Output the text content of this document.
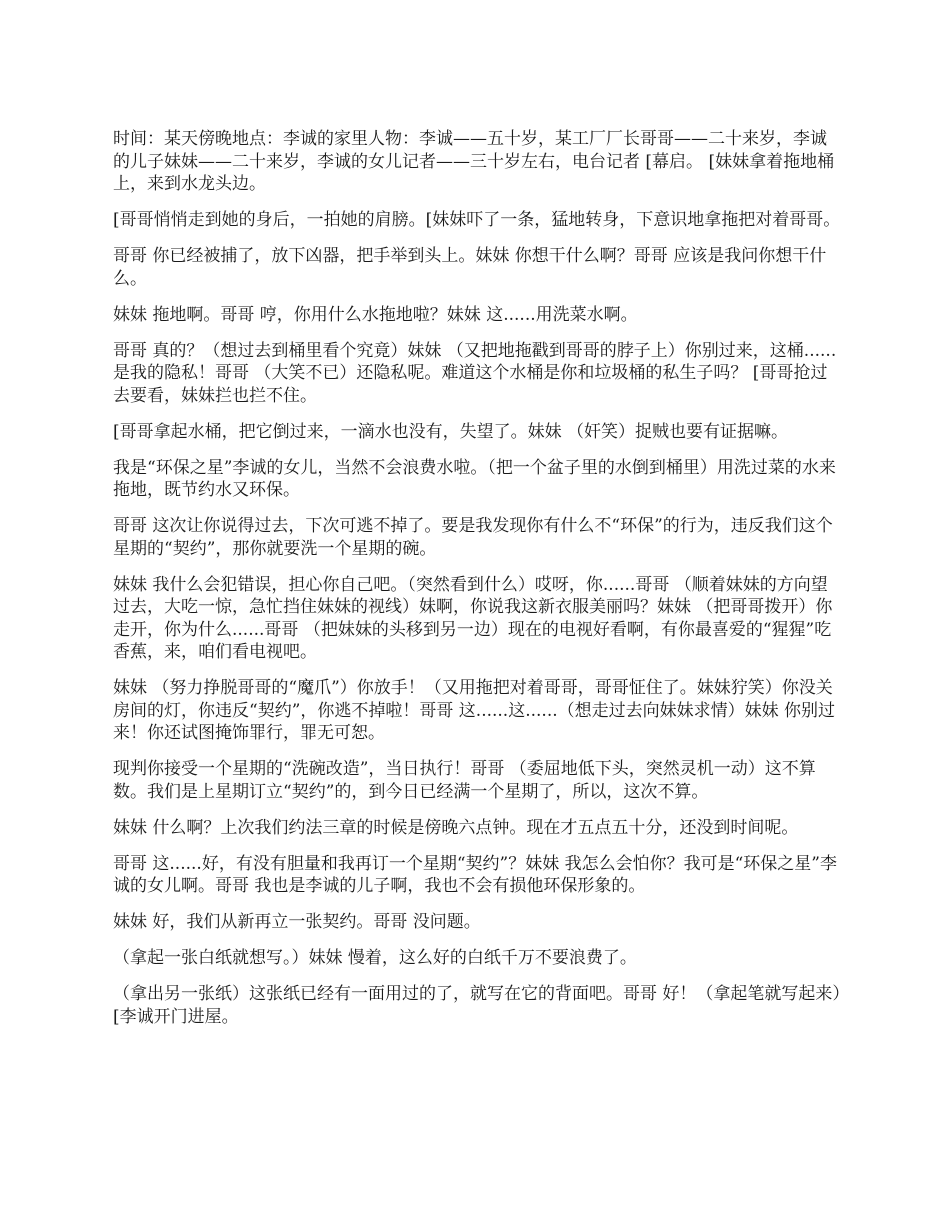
时间：某天傍晚地点：李诚的家里人物：李诚——五十岁，某工厂厂长哥哥——二十来岁，李诚的儿子妹妹——二十来岁，李诚的女儿记者——三十岁左右，电台记者 [幕启。 [妹妹拿着拖地桶上，来到水龙头边。

[哥哥悄悄走到她的身后，一拍她的肩膀。[妹妹吓了一条，猛地转身，下意识地拿拖把对着哥哥。

哥哥 你已经被捕了，放下凶器，把手举到头上。妹妹 你想干什么啊？哥哥 应该是我问你想干什么。

妹妹 拖地啊。哥哥 哼，你用什么水拖地啦？妹妹 这......用洗菜水啊。

哥哥 真的？（想过去到桶里看个究竟）妹妹 （又把地拖戳到哥哥的脖子上）你别过来，这桶......是我的隐私！哥哥 （大笑不已）还隐私呢。难道这个水桶是你和垃圾桶的私生子吗？ [哥哥抢过去要看，妹妹拦也拦不住。

[哥哥拿起水桶，把它倒过来，一滴水也没有，失望了。妹妹 （奸笑）捉贼也要有证据嘛。

我是“环保之星”李诚的女儿，当然不会浪费水啦。（把一个盆子里的水倒到桶里）用洗过菜的水来拖地，既节约水又环保。

哥哥 这次让你说得过去，下次可逃不掉了。要是我发现你有什么不“环保”的行为，违反我们这个星期的“契约”，那你就要洗一个星期的碗。

妹妹 我什么会犯错误，担心你自己吧。（突然看到什么）哎呀，你......哥哥 （顺着妹妹的方向望过去，大吃一惊，急忙挡住妹妹的视线）妹啊，你说我这新衣服美丽吗？妹妹 （把哥哥拨开）你走开，你为什么......哥哥 （把妹妹的头移到另一边）现在的电视好看啊，有你最喜爱的“猩猩”吃香蕉，来，咱们看电视吧。

妹妹 （努力挣脱哥哥的“魔爪”）你放手！（又用拖把对着哥哥，哥哥怔住了。妹妹狞笑）你没关房间的灯，你违反“契约”，你逃不掉啦！哥哥 这......这......（想走过去向妹妹求情）妹妹 你别过来！你还试图掩饰罪行，罪无可恕。

现判你接受一个星期的“洗碗改造”，当日执行！哥哥 （委屈地低下头，突然灵机一动）这不算数。我们是上星期订立“契约”的，到今日已经满一个星期了，所以，这次不算。

妹妹 什么啊？上次我们约法三章的时候是傍晚六点钟。现在才五点五十分，还没到时间呢。

哥哥 这......好，有没有胆量和我再订一个星期“契约”？妹妹 我怎么会怕你？我可是“环保之星”李诚的女儿啊。哥哥 我也是李诚的儿子啊，我也不会有损他环保形象的。

妹妹 好，我们从新再立一张契约。哥哥 没问题。

（拿起一张白纸就想写。）妹妹 慢着，这么好的白纸千万不要浪费了。

（拿出另一张纸）这张纸已经有一面用过的了，就写在它的背面吧。哥哥 好！（拿起笔就写起来）[李诚开门进屋。
